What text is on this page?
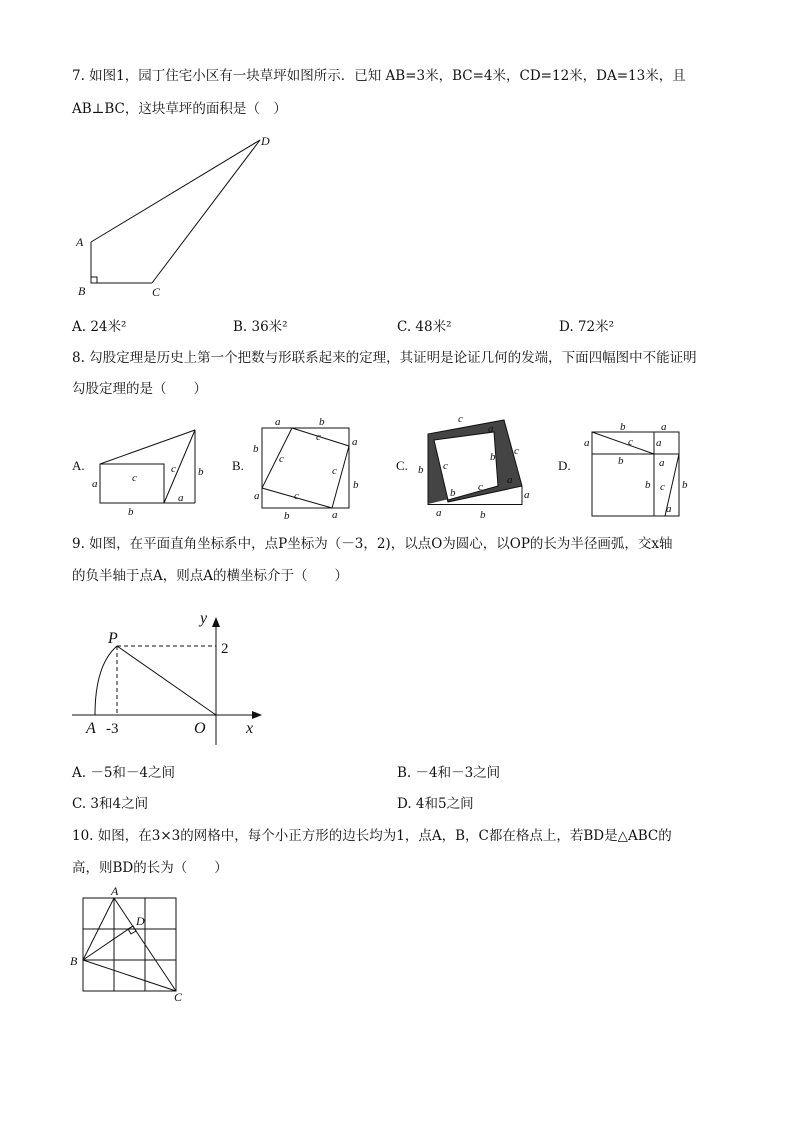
7. 如图1，园丁住宅小区有一块草坪如图所示．已知 AB=3米，BC=4米，CD=12米，DA=13米，且
AB⊥BC，这块草坪的面积是（　）
A
B	C
D
A. 24米²	B. 36米²	C. 48米²	D. 72米²
8. 勾股定理是历史上第一个把数与形联系起来的定理，其证明是论证几何的发端，下面四幅图中不能证明
勾股定理的是（　　）
A.
a
b
c
c b
a
B.
a	b
a
b
a
b
a
b
c
c
c
c
C.
c
a
c
a
a
b c
b
c
b
a	b
D.
b	a
c a
a
b
b c b
a
a
9. 如图，在平面直角坐标系中，点P坐标为（－3，2)，以点O为圆心，以OP的长为半径画弧，交x轴
的负半轴于点A，则点A的横坐标介于（　　）
y
x
P
2
A -3	O
A. －5和－4之间	B. －4和－3之间
C. 3和4之间	D. 4和5之间
10. 如图，在3×3的网格中，每个小正方形的边长均为1，点A，B，C都在格点上，若BD是△ABC的
高，则BD的长为（　　）
A
B
C
D
